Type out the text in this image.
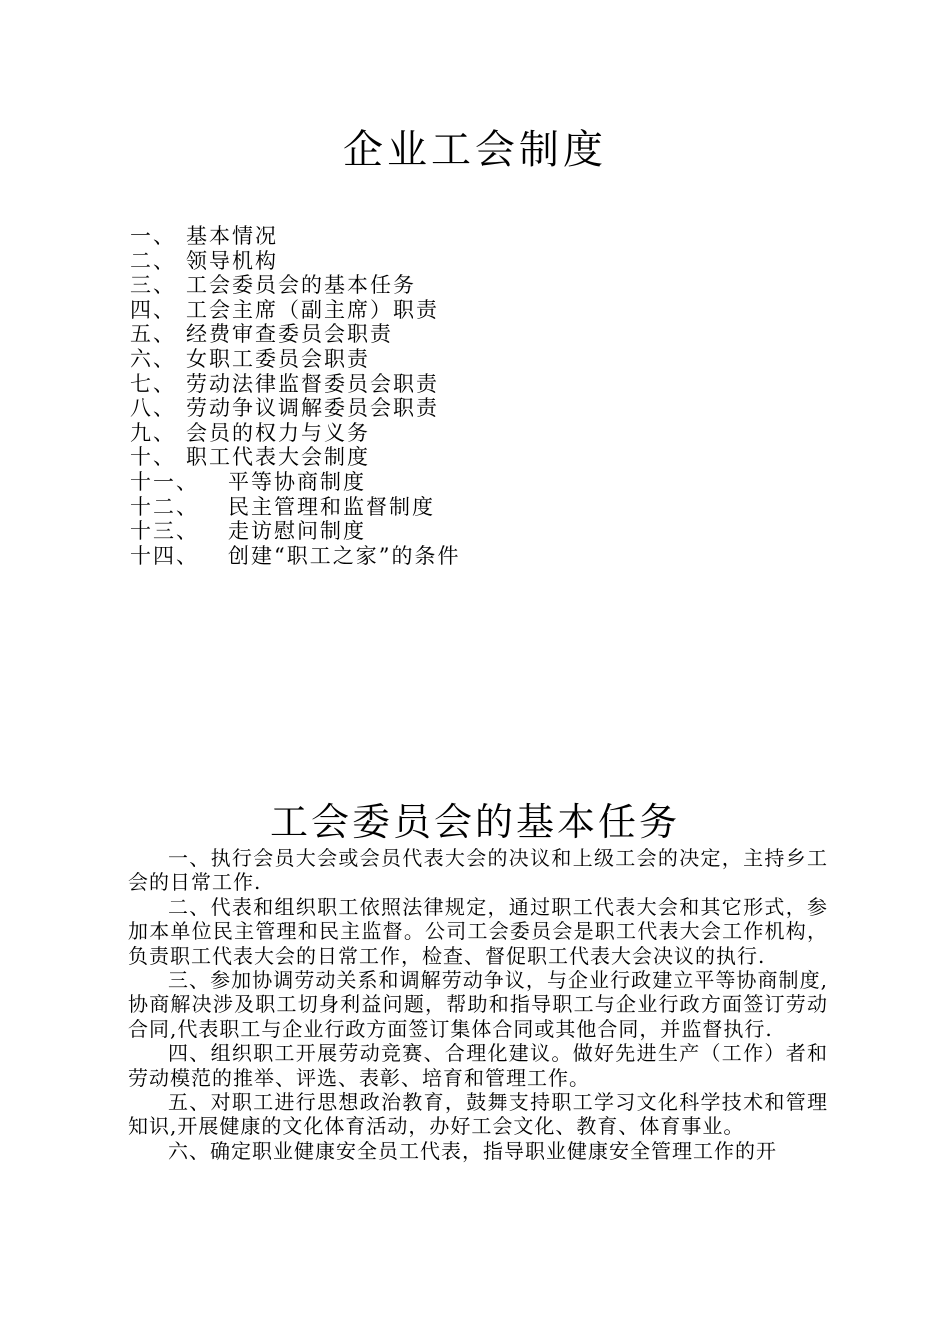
企业工会制度
一、 基本情况
二、 领导机构
三、 工会委员会的基本任务
四、 工会主席（副主席）职责
五、 经费审查委员会职责
六、 女职工委员会职责
七、 劳动法律监督委员会职责
八、 劳动争议调解委员会职责
九、 会员的权力与义务
十、 职工代表大会制度
十一、 平等协商制度
十二、 民主管理和监督制度
十三、 走访慰问制度
十四、 创建“职工之家”的条件
工会委员会的基本任务

一、执行会员大会或会员代表大会的决议和上级工会的决定，主持乡工会的日常工作.

二、代表和组织职工依照法律规定，通过职工代表大会和其它形式，参加本单位民主管理和民主监督。公司工会委员会是职工代表大会工作机构，负责职工代表大会的日常工作，检查、督促职工代表大会决议的执行.

三、参加协调劳动关系和调解劳动争议，与企业行政建立平等协商制度,协商解决涉及职工切身利益问题，帮助和指导职工与企业行政方面签订劳动合同,代表职工与企业行政方面签订集体合同或其他合同，并监督执行.

四、组织职工开展劳动竞赛、合理化建议。做好先进生产（工作）者和劳动模范的推举、评选、表彰、培育和管理工作。

五、对职工进行思想政治教育，鼓舞支持职工学习文化科学技术和管理知识,开展健康的文化体育活动，办好工会文化、教育、体育事业。

六、确定职业健康安全员工代表，指导职业健康安全管理工作的开
